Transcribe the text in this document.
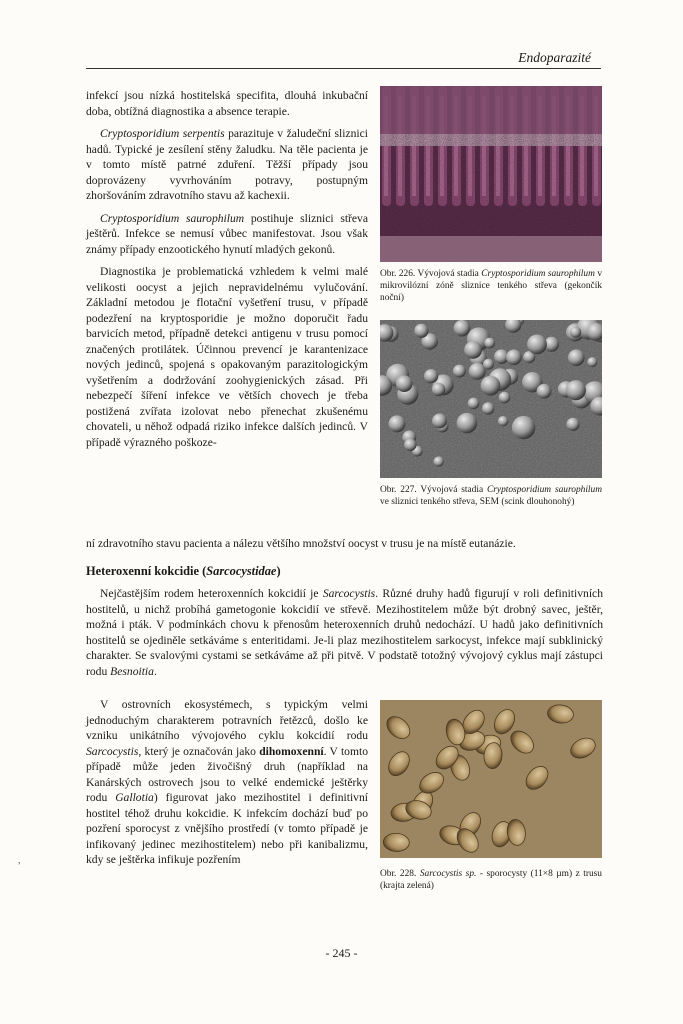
Endoparazité

infekcí jsou nízká hostitelská specifita, dlouhá inkubační doba, obtížná diagnostika a absence terapie.

Cryptosporidium serpentis parazituje v žaludeční sliznici hadů. Typické je zesílení stěny žaludku. Na těle pacienta je v tomto místě patrné zduření. Těžší případy jsou doprovázeny vyvrhováním potravy, postupným zhoršováním zdravotního stavu až kachexii.

Cryptosporidium saurophilum postihuje sliznici střeva ještěrů. Infekce se nemusí vůbec manifestovat. Jsou však známy případy enzootického hynutí mladých gekonů.

Diagnostika je problematická vzhledem k velmi malé velikosti oocyst a jejich nepravidelnému vylučování. Základní metodou je flotační vyšetření trusu, v případě podezření na kryptosporidie je možno doporučit řadu barvicích metod, případně detekci antigenu v trusu pomocí značených protilátek. Účinnou prevencí je karantenizace nových jedinců, spojená s opakovaným parazitologickým vyšetřením a dodržování zoohygienických zásad. Při nebezpečí šíření infekce ve větších chovech je třeba postižená zvířata izolovat nebo přenechat zkušenému chovateli, u něhož odpadá riziko infekce dalších jedinců. V případě výrazného poškoze-

Obr. 226. Vývojová stadia Cryptosporidium saurophilum v mikrovilózní zóně sliznice tenkého střeva (gekončík noční)
Obr. 227. Vývojová stadia Cryptosporidium saurophilum ve sliznici tenkého střeva, SEM (scink dlouhonohý)
ní zdravotního stavu pacienta a nálezu většího množství oocyst v trusu je na místě eutanázie.
Heteroxenní kokcidie (Sarcocystidae)
Nejčastějším rodem heteroxenních kokcidií je Sarcocystis. Různé druhy hadů figurují v roli definitivních hostitelů, u nichž probíhá gametogonie kokcidií ve střevě. Mezihostitelem může být drobný savec, ještěr, možná i pták. V podmínkách chovu k přenosům heteroxenních druhů nedochází. U hadů jako definitivních hostitelů se ojediněle setkáváme s enteritidami. Je-li plaz mezihostitelem sarkocyst, infekce mají subklinický charakter. Se svalovými cystami se setkáváme až při pitvě. V podstatě totožný vývojový cyklus mají zástupci rodu Besnoitia.
V ostrovních ekosystémech, s typickým velmi jednoduchým charakterem potravních řetězců, došlo ke vzniku unikátního vývojového cyklu kokcidií rodu Sarcocystis, který je označován jako dihomoxenní. V tomto případě může jeden živočišný druh (například na Kanárských ostrovech jsou to velké endemické ještěrky rodu Gallotia) figurovat jako mezihostitel i definitivní hostitel téhož druhu kokcidie. K infekcím dochází buď po pozření sporocyst z vnějšího prostředí (v tomto případě je infikovaný jedinec mezihostitelem) nebo při kanibalizmu, kdy se ještěrka infikuje pozřením
Obr. 228. Sarcocystis sp. - sporocysty (11×8 µm) z trusu (krajta zelená)
,
- 245 -
